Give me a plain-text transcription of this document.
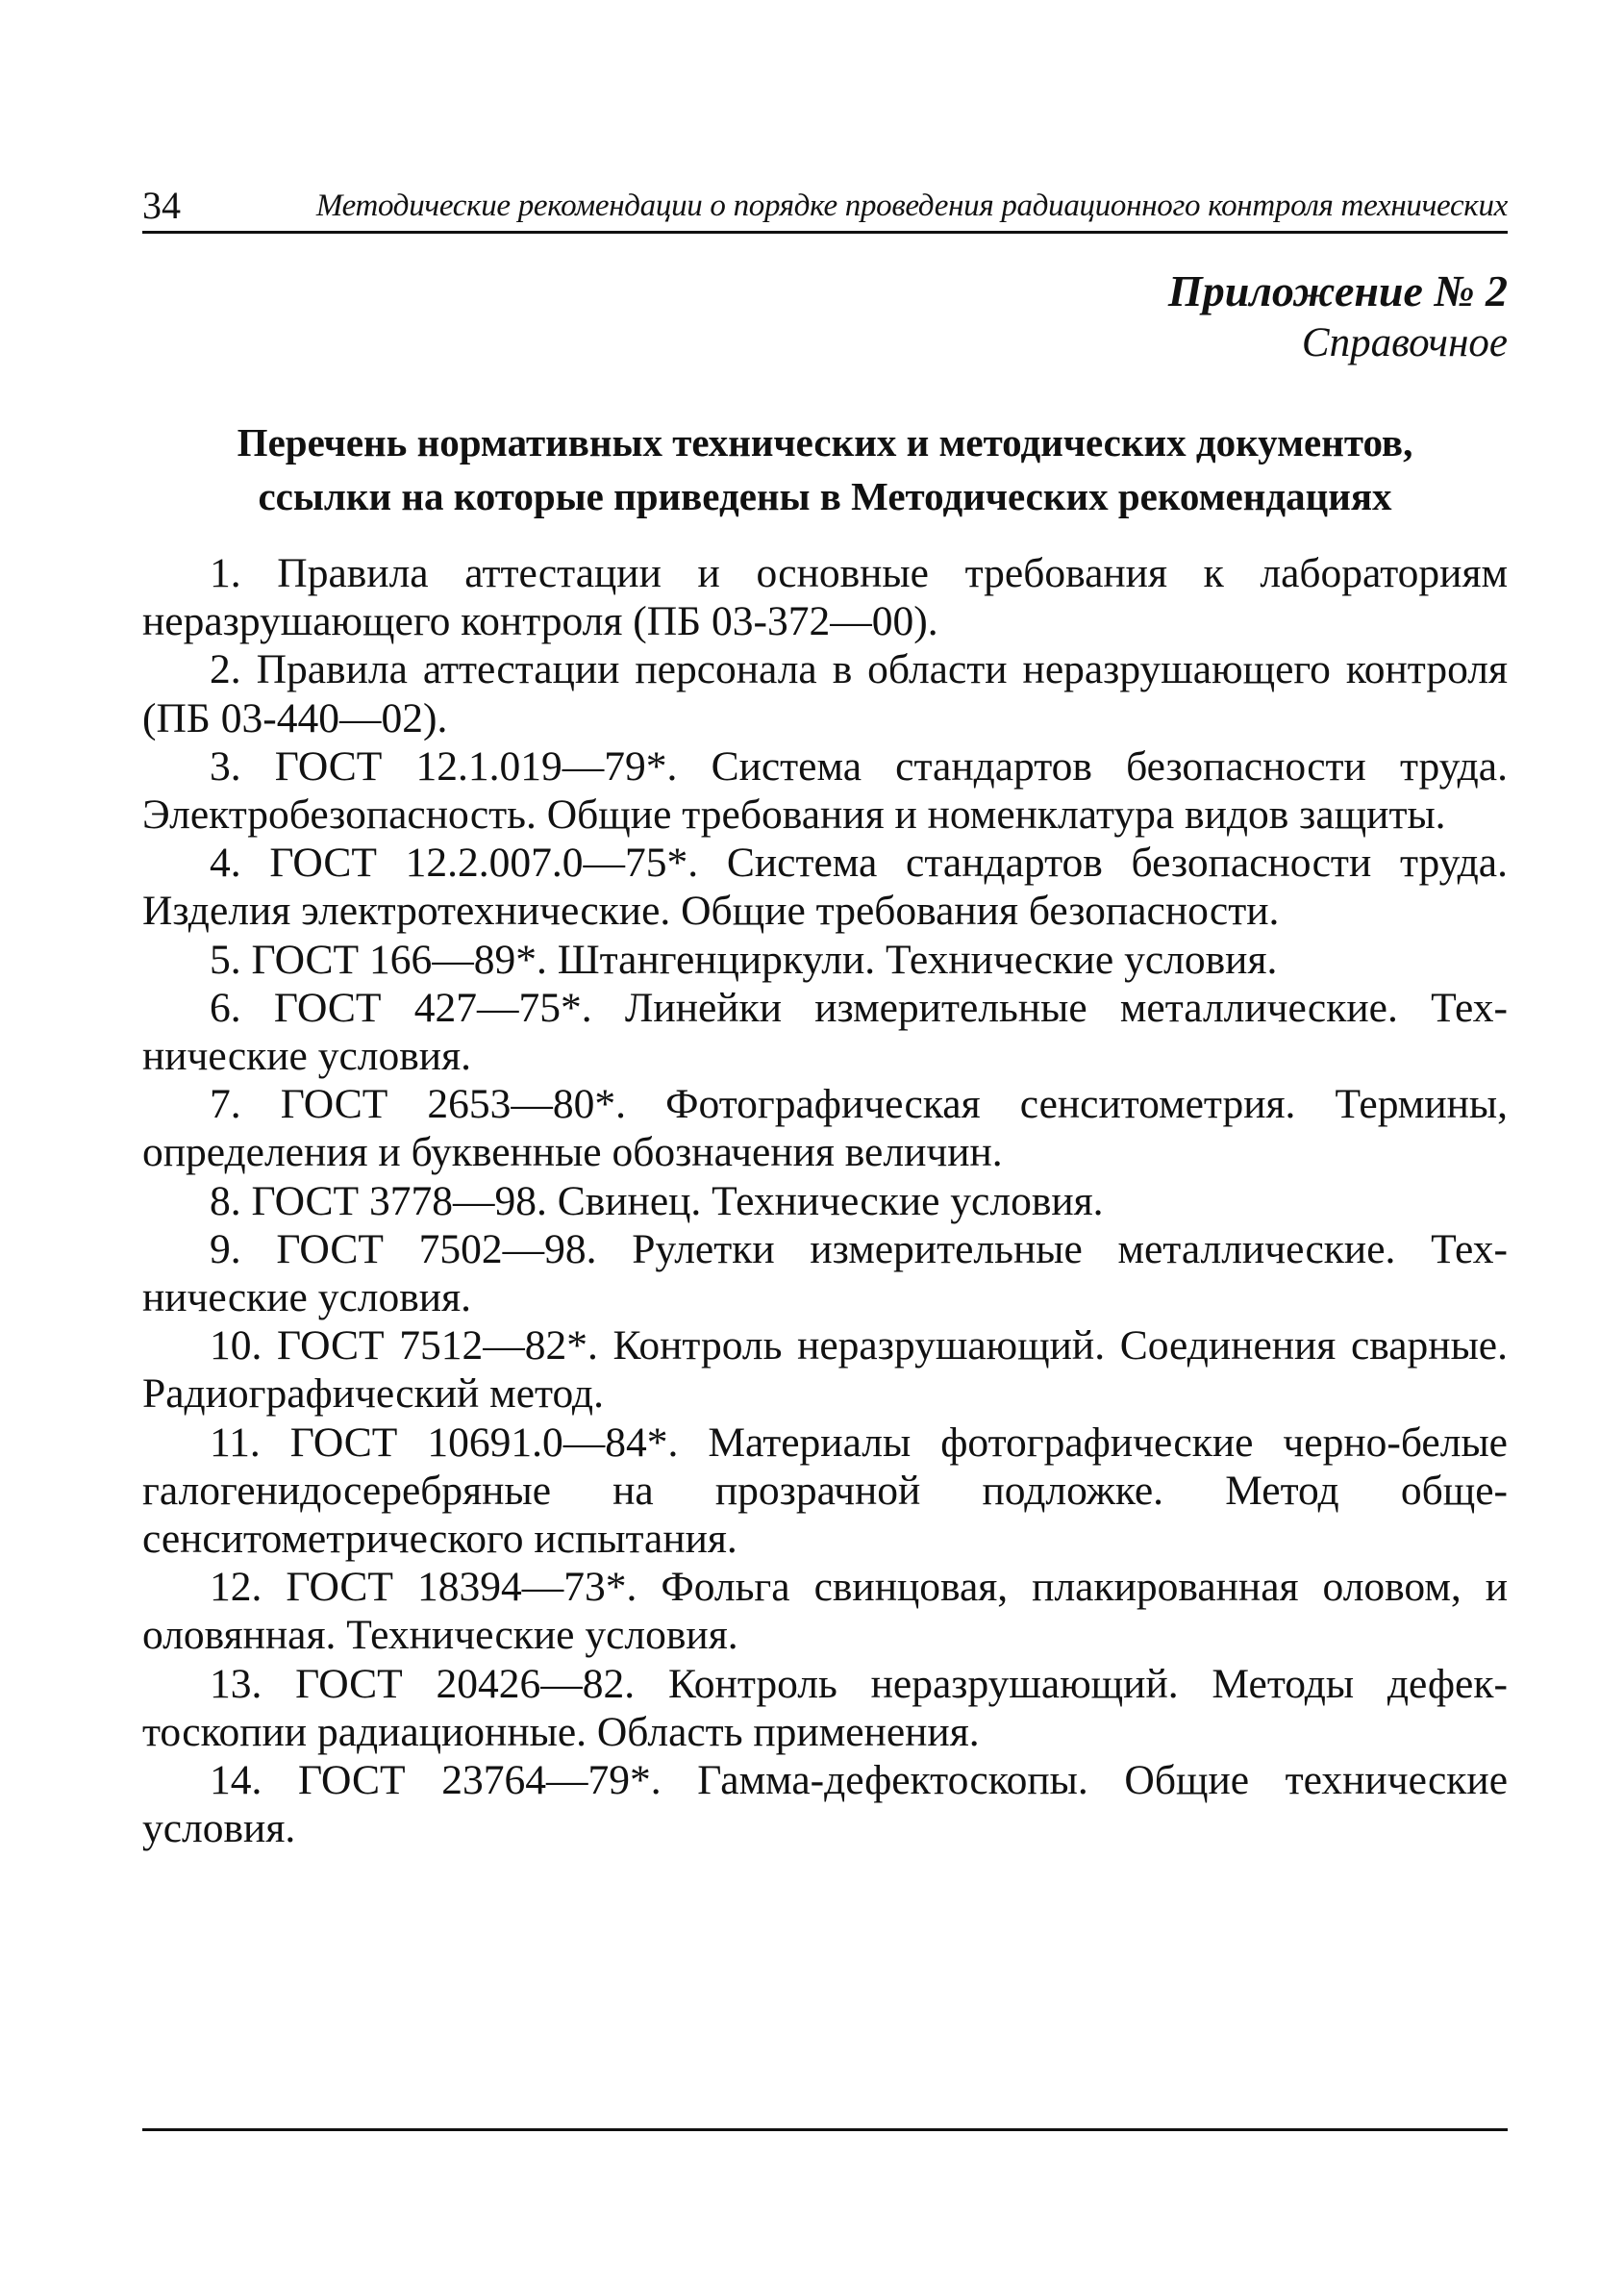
34	Методические рекомендации о порядке проведения радиационного контроля технических
Приложение № 2
Справочное
Перечень нормативных технических и методических документов,
ссылки на которые приведены в Методических рекомендациях

1. Правила аттестации и основные требования к лабораториям неразрушающего контроля (ПБ 03-372—00).

2. Правила аттестации персонала в области неразрушающего контроля (ПБ 03-440—02).

3. ГОСТ 12.1.019—79*. Система стандартов безопасности труда. Электробезопасность. Общие требования и номенклатура видов защиты.

4. ГОСТ 12.2.007.0—75*. Система стандартов безопасности труда. Изделия электротехнические. Общие требования безопасности.

5. ГОСТ 166—89*. Штангенциркули. Технические условия.

6. ГОСТ 427—75*. Линейки измерительные металлические. Технические условия.

7. ГОСТ 2653—80*. Фотографическая сенситометрия. Термины, определения и буквенные обозначения величин.

8. ГОСТ 3778—98. Свинец. Технические условия.

9. ГОСТ 7502—98. Рулетки измерительные металлические. Технические условия.

10. ГОСТ 7512—82*. Контроль неразрушающий. Соединения сварные. Радиографический метод.

11. ГОСТ 10691.0—84*. Материалы фотографические черно-белые галогенидосеребряные на прозрачной подложке. Метод общесенситометрического испытания.

12. ГОСТ 18394—73*. Фольга свинцовая, плакированная оловом, и оловянная. Технические условия.

13. ГОСТ 20426—82. Контроль неразрушающий. Методы дефектоскопии радиационные. Область применения.

14. ГОСТ 23764—79*. Гамма-дефектоскопы. Общие технические условия.
